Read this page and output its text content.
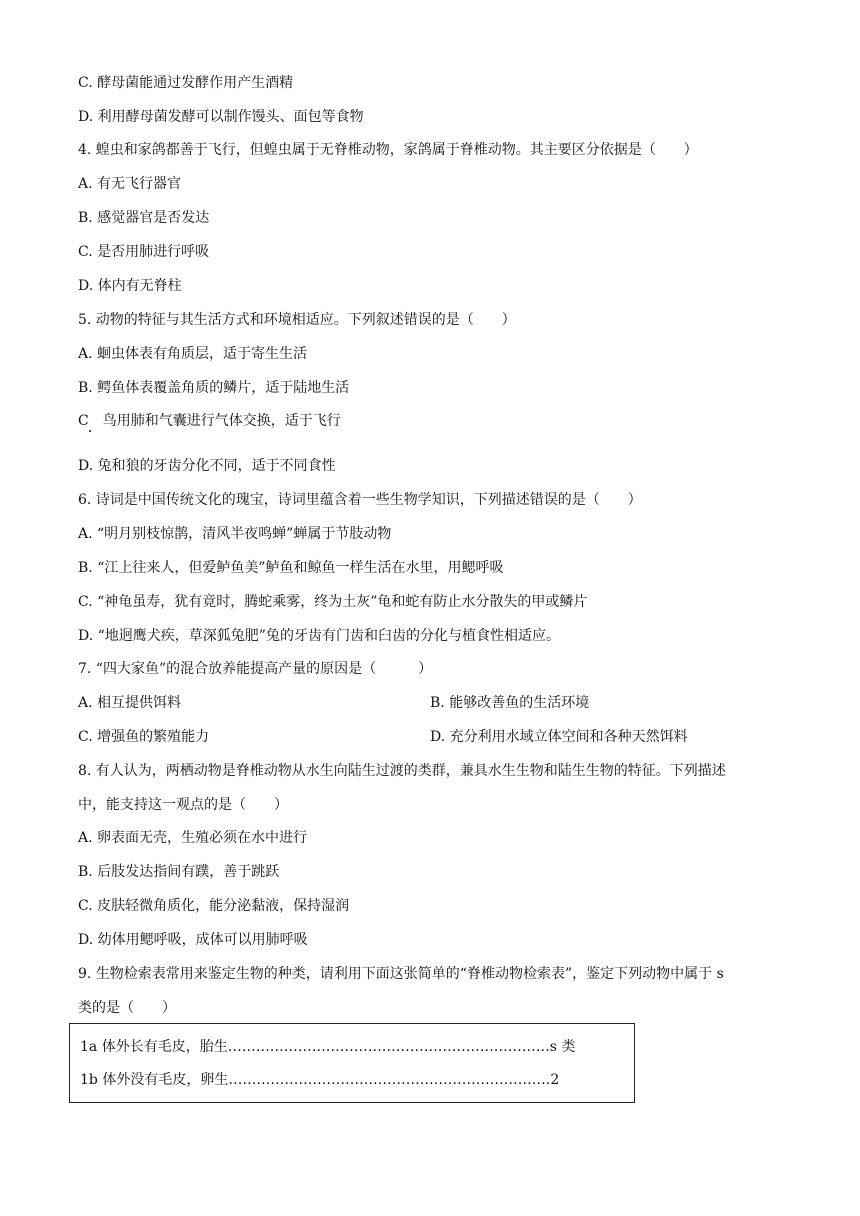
C. 酵母菌能通过发酵作用产生酒精
D. 利用酵母菌发酵可以制作馒头、面包等食物
4. 蝗虫和家鸽都善于飞行，但蝗虫属于无脊椎动物，家鸽属于脊椎动物。其主要区分依据是（　　）
A. 有无飞行器官
B. 感觉器官是否发达
C. 是否用肺进行呼吸
D. 体内有无脊柱
5. 动物的特征与其生活方式和环境相适应。下列叙述错误的是（　　）
A. 蛔虫体表有角质层，适于寄生生活
B. 鳄鱼体表覆盖角质的鳞片，适于陆地生活
C　鸟用肺和气囊进行气体交换，适于飞行
D. 兔和狼的牙齿分化不同，适于不同食性
6. 诗词是中国传统文化的瑰宝，诗词里蕴含着一些生物学知识，下列描述错误的是（　　）
A. “明月别枝惊鹊，清风半夜鸣蝉”蝉属于节肢动物
B. “江上往来人，但爱鲈鱼美”鲈鱼和鲸鱼一样生活在水里，用鳃呼吸
C. “神龟虽寿，犹有竟时，腾蛇乘雾，终为土灰”龟和蛇有防止水分散失的甲或鳞片
D. “地迥鹰犬疾，草深狐兔肥”兔的牙齿有门齿和臼齿的分化与植食性相适应。
7. “四大家鱼”的混合放养能提高产量的原因是（　　　）
A. 相互提供饵料	B. 能够改善鱼的生活环境
C. 增强鱼的繁殖能力	D. 充分利用水域立体空间和各种天然饵料
8. 有人认为，两栖动物是脊椎动物从水生向陆生过渡的类群，兼具水生生物和陆生生物的特征。下列描述
中，能支持这一观点的是（　　）
A. 卵表面无壳，生殖必须在水中进行
B. 后肢发达指间有蹼，善于跳跃
C. 皮肤轻微角质化，能分泌黏液，保持湿润
D. 幼体用鳃呼吸，成体可以用肺呼吸
9. 生物检索表常用来鉴定生物的种类，请利用下面这张简单的“脊椎动物检索表”，鉴定下列动物中属于 s
类的是（　　）
1a 体外长有毛皮，胎生……………………………………………………………s 类
1b 体外没有毛皮，卵生……………………………………………………………2
